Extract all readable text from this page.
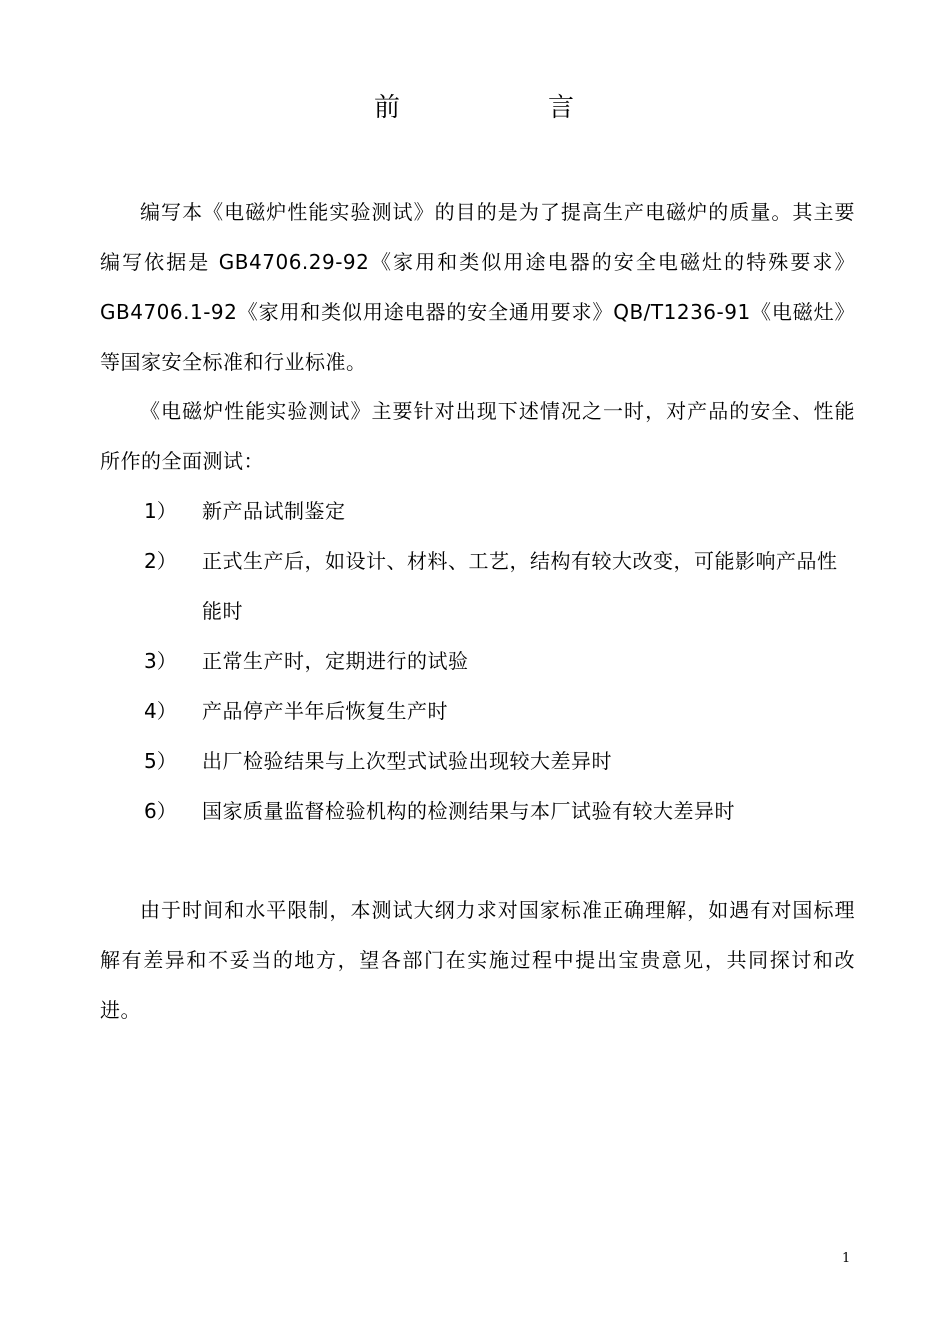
前	言

编写本《电磁炉性能实验测试》的目的是为了提高生产电磁炉的质量。其主要编写依据是 GB4706.29-92《家用和类似用途电器的安全电磁灶的特殊要求》GB4706.1-92《家用和类似用途电器的安全通用要求》QB/T1236-91《电磁灶》等国家安全标准和行业标准。

《电磁炉性能实验测试》主要针对出现下述情况之一时，对产品的安全、性能所作的全面测试：

1） 新产品试制鉴定
2） 正式生产后，如设计、材料、工艺，结构有较大改变，可能影响产品性能时
3） 正常生产时，定期进行的试验
4） 产品停产半年后恢复生产时
5） 出厂检验结果与上次型式试验出现较大差异时
6） 国家质量监督检验机构的检测结果与本厂试验有较大差异时

由于时间和水平限制，本测试大纲力求对国家标准正确理解，如遇有对国标理解有差异和不妥当的地方，望各部门在实施过程中提出宝贵意见，共同探讨和改进。

1
